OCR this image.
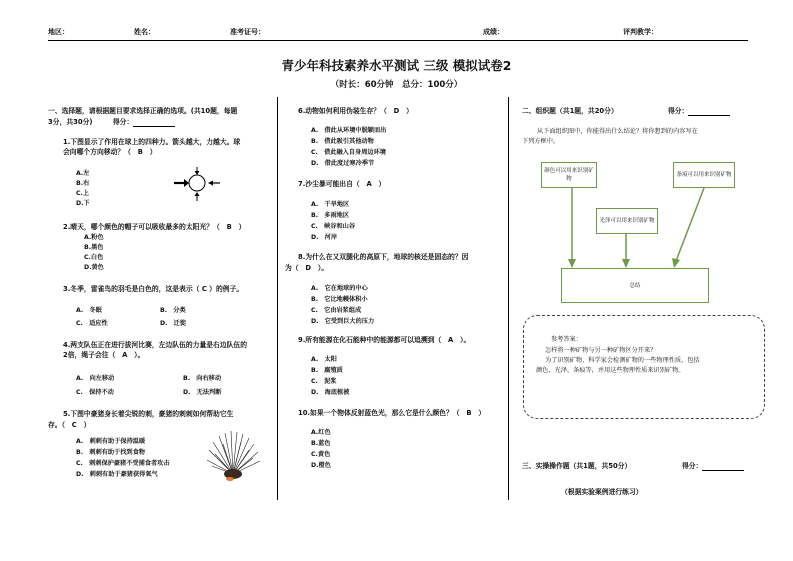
地区：	姓名：	准考证号：	成绩：	评判教学：
青少年科技素养水平测试 三级 模拟试卷2
（时长：60分钟　总分：100分）
一、选择题，请根据题目要求选择正确的选项。(共10题，每题
3分，共30分)　　　得分：
1.下图显示了作用在球上的四种力。箭头越大，力越大。球
会向哪个方向移动？（　B　）
A.左
B.右
C.上
D.下
2.晴天，哪个颜色的帽子可以吸收最多的太阳光？（　B　）
A.粉色
B.黑色
C.白色
D.黄色
3.冬季，雷雀鸟的羽毛是白色的，这是表示（ C ）的例子。
A.　冬眠	B.　分类
C.　适应性	D.　迁徙
4.两支队伍正在进行拔河比赛，左边队伍的力量是右边队伍的
2倍，绳子会往（　A　）。
A.　向左移动	B.　向右移动
C.　保持不动	D.　无法判断
5.下图中豪猪身长着尖锐的刺，豪猪的刺刺如何帮助它生
存。（　C　）
A.　刺刺有助于保持温暖
B.　刺刺有助于找到食物
C.　刺刺保护豪猪不受捕食者攻击
D.　刺刺有助于豪猪获得氧气
6.动物如何利用伪装生存？（　D　）
A.　借此从环境中脱颖而出
B.　借此吸引其他动物
C.　借此融入自身周边环境
D.　借此度过寒冷季节
7.沙尘暴可能出自（　A　）
A.　干旱地区
B.　多雨地区
C.　峡谷和山谷
D.　河岸
8.为什么在又双腿化的高原下，地球的核还是固态的？因
为（　D　）。
A.　它在地球的中心
B.　它比地幔体积小
C.　它由岩浆组成
D.　它受到巨大的压力
9.所有能源在化石能种中的能源都可以追溯到（　A　）。
A.　太阳
B.　腐殖质
C.　泥浆
D.　海底植被
10.如果一个物体反射蓝色光，那么它是什么颜色？（　B　）
A.红色
B.蓝色
C.黄色
D.橙色
二、组织题（共1题，共20分）	得分：
从下面组织图中，你能得出什么结论？将你想到的内容写在
下列方框中。
颜色可以用来识别矿物
光泽可以用来识别矿物
条痕可以用来识别矿物
总结
参考答案：
怎样将一种矿物与另一种矿物区分开来？
为了识别矿物，科学家会检测矿物的一些物理性质，包括
颜色、光泽、条痕等，并用这些物理性质来识别矿物。
三、实操操作题（共1题，共50分）	得分：
（根据实验案例进行练习）
